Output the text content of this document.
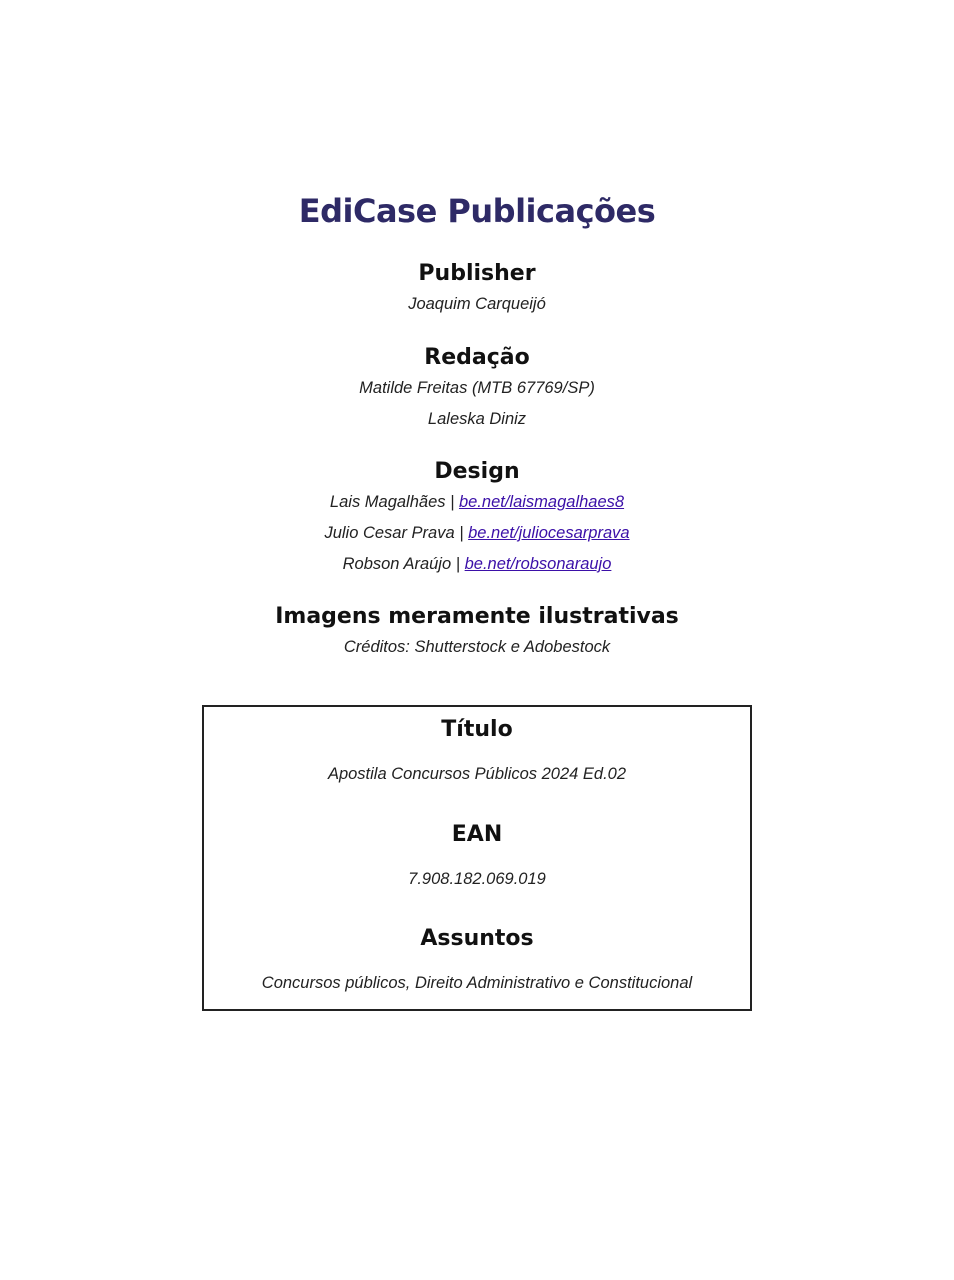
EdiCase Publicações
Publisher

Joaquim Carqueijó

Redação

Matilde Freitas (MTB 67769/SP)

Laleska Diniz

Design

Lais Magalhães | be.net/laismagalhaes8

Julio Cesar Prava | be.net/juliocesarprava

Robson Araújo | be.net/robsonaraujo

Imagens meramente ilustrativas

Créditos: Shutterstock e Adobestock

Título

Apostila Concursos Públicos 2024 Ed.02

EAN

7.908.182.069.019

Assuntos

Concursos públicos, Direito Administrativo e Constitucional
